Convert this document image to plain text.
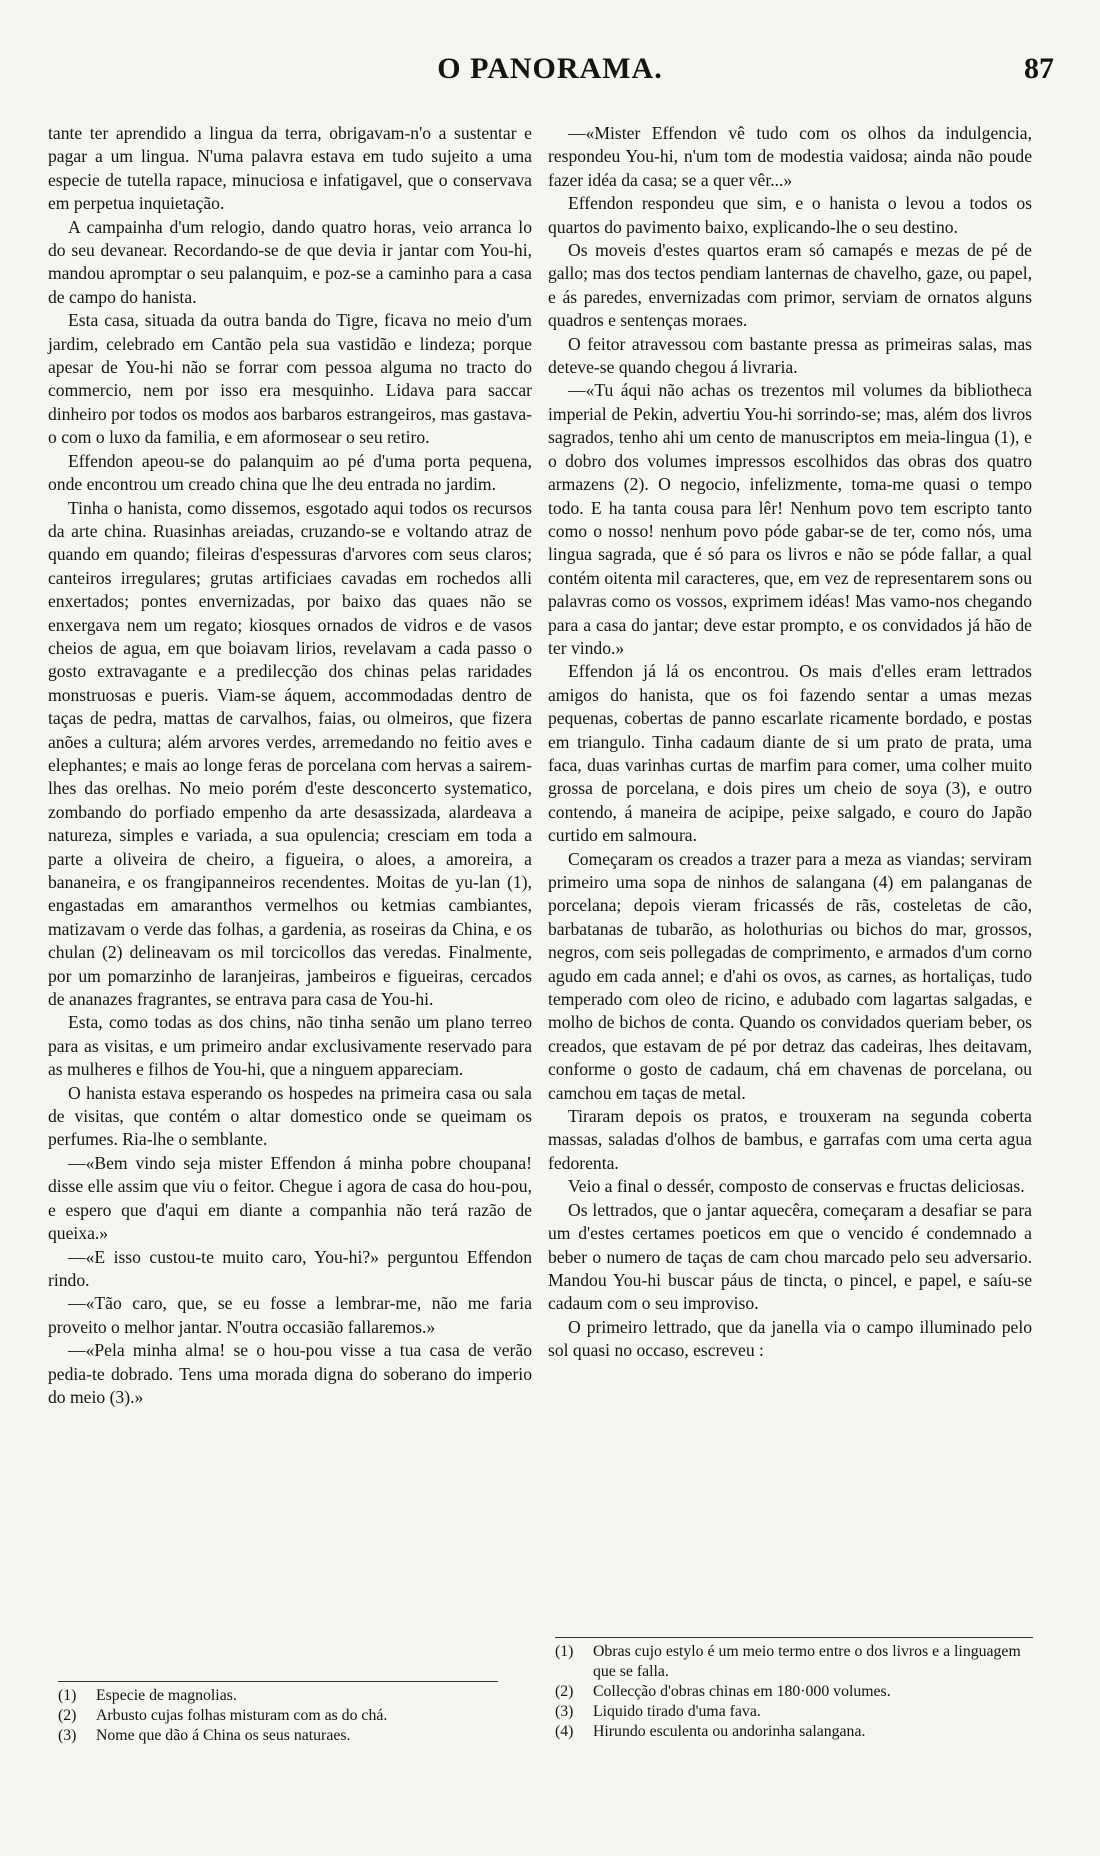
O PANORAMA.	87

tante ter aprendido a lingua da terra, obrigavam-n'o a sustentar e pagar a um lingua. N'uma palavra estava em tudo sujeito a uma especie de tutella rapace, minuciosa e infatigavel, que o conservava em perpetua inquietação.

A campainha d'um relogio, dando quatro horas, veio arranca lo do seu devanear. Recordando-se de que devia ir jantar com You-hi, mandou apromptar o seu palanquim, e poz-se a caminho para a casa de campo do hanista.

Esta casa, situada da outra banda do Tigre, ficava no meio d'um jardim, celebrado em Cantão pela sua vastidão e lindeza; porque apesar de You-hi não se forrar com pessoa alguma no tracto do commercio, nem por isso era mesquinho. Lidava para saccar dinheiro por todos os modos aos barbaros estrangeiros, mas gastava-o com o luxo da familia, e em aformosear o seu retiro.

Effendon apeou-se do palanquim ao pé d'uma porta pequena, onde encontrou um creado china que lhe deu entrada no jardim.

Tinha o hanista, como dissemos, esgotado aqui todos os recursos da arte china. Ruasinhas areiadas, cruzando-se e voltando atraz de quando em quando; fileiras d'espessuras d'arvores com seus claros; canteiros irregulares; grutas artificiaes cavadas em rochedos alli enxertados; pontes envernizadas, por baixo das quaes não se enxergava nem um regato; kiosques ornados de vidros e de vasos cheios de agua, em que boiavam lirios, revelavam a cada passo o gosto extravagante e a predilecção dos chinas pelas raridades monstruosas e pueris. Viam-se áquem, accommodadas dentro de taças de pedra, mattas de carvalhos, faias, ou olmeiros, que fizera anões a cultura; além arvores verdes, arremedando no feitio aves e elephantes; e mais ao longe feras de porcelana com hervas a sairem-lhes das orelhas. No meio porém d'este desconcerto systematico, zombando do porfiado empenho da arte desassizada, alardeava a natureza, simples e variada, a sua opulencia; cresciam em toda a parte a oliveira de cheiro, a figueira, o aloes, a amoreira, a bananeira, e os frangipanneiros recendentes. Moitas de yu-lan (1), engastadas em amaranthos vermelhos ou ketmias cambiantes, matizavam o verde das folhas, a gardenia, as roseiras da China, e os chulan (2) delineavam os mil torcicollos das veredas. Finalmente, por um pomarzinho de laranjeiras, jambeiros e figueiras, cercados de ananazes fragrantes, se entrava para casa de You-hi.

Esta, como todas as dos chins, não tinha senão um plano terreo para as visitas, e um primeiro andar exclusivamente reservado para as mulheres e filhos de You-hi, que a ninguem appareciam.

O hanista estava esperando os hospedes na primeira casa ou sala de visitas, que contém o altar domestico onde se queimam os perfumes. Ria-lhe o semblante.

—«Bem vindo seja mister Effendon á minha pobre choupana! disse elle assim que viu o feitor. Chegue i agora de casa do hou-pou, e espero que d'aqui em diante a companhia não terá razão de queixa.»

—«E isso custou-te muito caro, You-hi?» perguntou Effendon rindo.

—«Tão caro, que, se eu fosse a lembrar-me, não me faria proveito o melhor jantar. N'outra occasião fallaremos.»

—«Pela minha alma! se o hou-pou visse a tua casa de verão pedia-te dobrado. Tens uma morada digna do soberano do imperio do meio (3).»

—«Mister Effendon vê tudo com os olhos da indulgencia, respondeu You-hi, n'um tom de modestia vaidosa; ainda não poude fazer idéa da casa; se a quer vêr...»

Effendon respondeu que sim, e o hanista o levou a todos os quartos do pavimento baixo, explicando-lhe o seu destino.

Os moveis d'estes quartos eram só camapés e mezas de pé de gallo; mas dos tectos pendiam lanternas de chavelho, gaze, ou papel, e ás paredes, envernizadas com primor, serviam de ornatos alguns quadros e sentenças moraes.

O feitor atravessou com bastante pressa as primeiras salas, mas deteve-se quando chegou á livraria.

—«Tu áqui não achas os trezentos mil volumes da bibliotheca imperial de Pekin, advertiu You-hi sorrindo-se; mas, além dos livros sagrados, tenho ahi um cento de manuscriptos em meia-lingua (1), e o dobro dos volumes impressos escolhidos das obras dos quatro armazens (2). O negocio, infelizmente, toma-me quasi o tempo todo. E ha tanta cousa para lêr! Nenhum povo tem escripto tanto como o nosso! nenhum povo póde gabar-se de ter, como nós, uma lingua sagrada, que é só para os livros e não se póde fallar, a qual contém oitenta mil caracteres, que, em vez de representarem sons ou palavras como os vossos, exprimem idéas! Mas vamo-nos chegando para a casa do jantar; deve estar prompto, e os convidados já hão de ter vindo.»

Effendon já lá os encontrou. Os mais d'elles eram lettrados amigos do hanista, que os foi fazendo sentar a umas mezas pequenas, cobertas de panno escarlate ricamente bordado, e postas em triangulo. Tinha cadaum diante de si um prato de prata, uma faca, duas varinhas curtas de marfim para comer, uma colher muito grossa de porcelana, e dois pires um cheio de soya (3), e outro contendo, á maneira de acipipe, peixe salgado, e couro do Japão curtido em salmoura.

Começaram os creados a trazer para a meza as viandas; serviram primeiro uma sopa de ninhos de salangana (4) em palanganas de porcelana; depois vieram fricassés de rãs, costeletas de cão, barbatanas de tubarão, as holothurias ou bichos do mar, grossos, negros, com seis pollegadas de comprimento, e armados d'um corno agudo em cada annel; e d'ahi os ovos, as carnes, as hortaliças, tudo temperado com oleo de ricino, e adubado com lagartas salgadas, e molho de bichos de conta. Quando os convidados queriam beber, os creados, que estavam de pé por detraz das cadeiras, lhes deitavam, conforme o gosto de cadaum, chá em chavenas de porcelana, ou camchou em taças de metal.

Tiraram depois os pratos, e trouxeram na segunda coberta massas, saladas d'olhos de bambus, e garrafas com uma certa agua fedorenta.

Veio a final o dessér, composto de conservas e fructas deliciosas.

Os lettrados, que o jantar aquecêra, começaram a desafiar se para um d'estes certames poeticos em que o vencido é condemnado a beber o numero de taças de cam chou marcado pelo seu adversario. Mandou You-hi buscar páus de tincta, o pincel, e papel, e saíu-se cadaum com o seu improviso.

O primeiro lettrado, que da janella via o campo illuminado pelo sol quasi no occaso, escreveu :

(1)	Especie de magnolias.
(2)	Arbusto cujas folhas misturam com as do chá.
(3)	Nome que dão á China os seus naturaes.
(1)	Obras cujo estylo é um meio termo entre o dos livros e a linguagem que se falla.
(2)	Collecção d'obras chinas em 180·000 volumes.
(3)	Liquido tirado d'uma fava.
(4)	Hirundo esculenta ou andorinha salangana.
